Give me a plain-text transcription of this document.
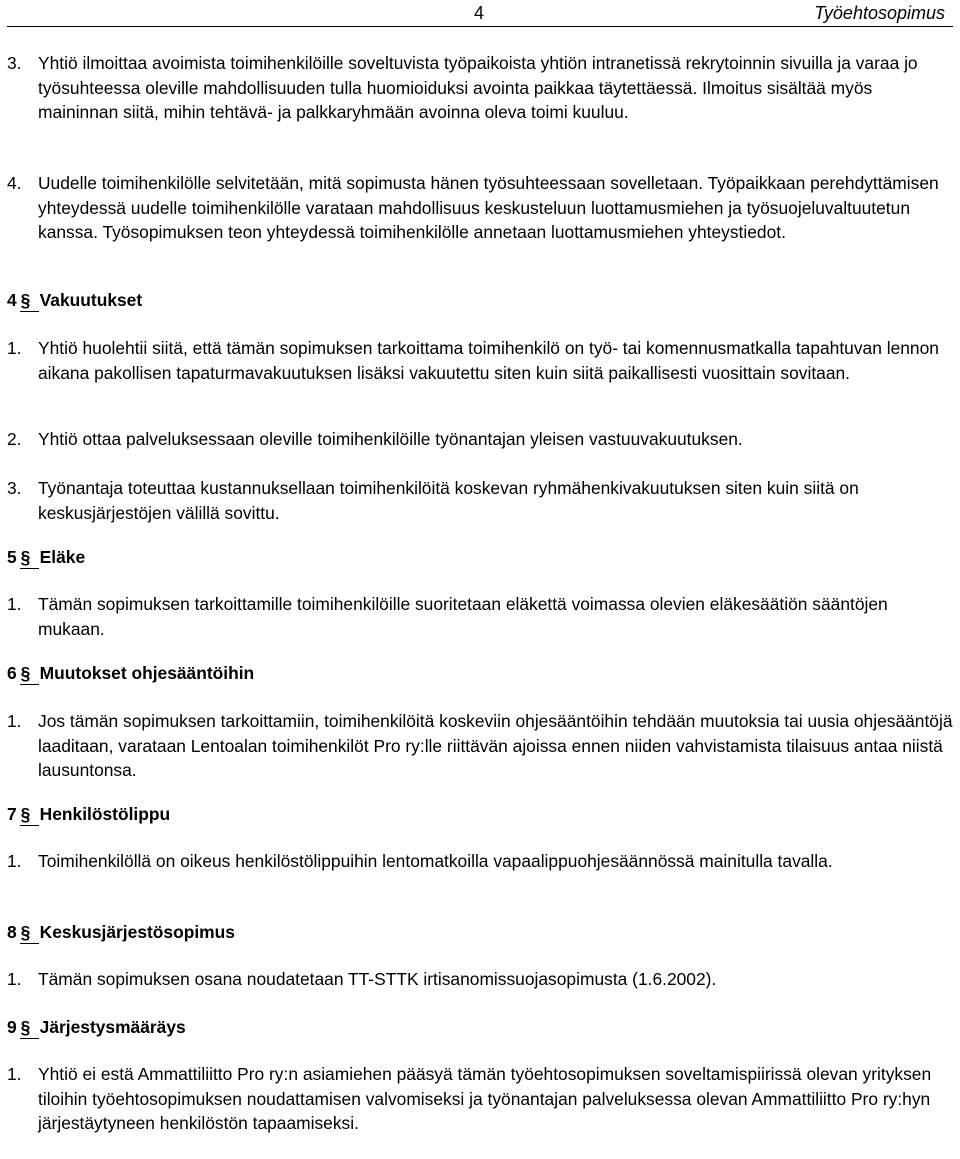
4	Työehtosopimus
3. Yhtiö ilmoittaa avoimista toimihenkilöille soveltuvista työpaikoista yhtiön intranetissä rekrytoinnin sivuilla ja varaa jo työsuhteessa oleville mahdollisuuden tulla huomioiduksi avointa paikkaa täytettäessä. Ilmoitus sisältää myös maininnan siitä, mihin tehtävä- ja palkkaryhmään avoinna oleva toimi kuuluu.
4. Uudelle toimihenkilölle selvitetään, mitä sopimusta hänen työsuhteessaan sovelletaan. Työpaikkaan perehdyttämisen yhteydessä uudelle toimihenkilölle varataan mahdollisuus keskusteluun luottamusmiehen ja työsuojeluvaltuutetun kanssa. Työsopimuksen teon yhteydessä toimihenkilölle annetaan luottamusmiehen yhteystiedot.
4 § Vakuutukset
1. Yhtiö huolehtii siitä, että tämän sopimuksen tarkoittama toimihenkilö on työ- tai komennusmatkalla tapahtuvan lennon aikana pakollisen tapaturmavakuutuksen lisäksi vakuutettu siten kuin siitä paikallisesti vuosittain sovitaan.
2. Yhtiö ottaa palveluksessaan oleville toimihenkilöille työnantajan yleisen vastuuvakuutuksen.
3. Työnantaja toteuttaa kustannuksellaan toimihenkilöitä koskevan ryhmähenkivakuutuksen siten kuin siitä on keskusjärjestöjen välillä sovittu.
5 § Eläke
1. Tämän sopimuksen tarkoittamille toimihenkilöille suoritetaan eläkettä voimassa olevien eläkesäätiön sääntöjen mukaan.
6 § Muutokset ohjesääntöihin
1. Jos tämän sopimuksen tarkoittamiin, toimihenkilöitä koskeviin ohjesääntöihin tehdään muutoksia tai uusia ohjesääntöjä laaditaan, varataan Lentoalan toimihenkilöt Pro ry:lle riittävän ajoissa ennen niiden vahvistamista tilaisuus antaa niistä lausuntonsa.
7 § Henkilöstölippu
1. Toimihenkilöllä on oikeus henkilöstölippuihin lentomatkoilla vapaalippuohjesäännössä mainitulla tavalla.
8 § Keskusjärjestösopimus
1. Tämän sopimuksen osana noudatetaan TT-STTK irtisanomissuojasopimusta (1.6.2002).
9 § Järjestysmääräys
1. Yhtiö ei estä Ammattiliitto Pro ry:n asiamiehen pääsyä tämän työehtosopimuksen soveltamispiirissä olevan yrityksen tiloihin työehtosopimuksen noudattamisen valvomiseksi ja työnantajan palveluksessa olevan Ammattiliitto Pro ry:hyn järjestäytyneen henkilöstön tapaamiseksi.
